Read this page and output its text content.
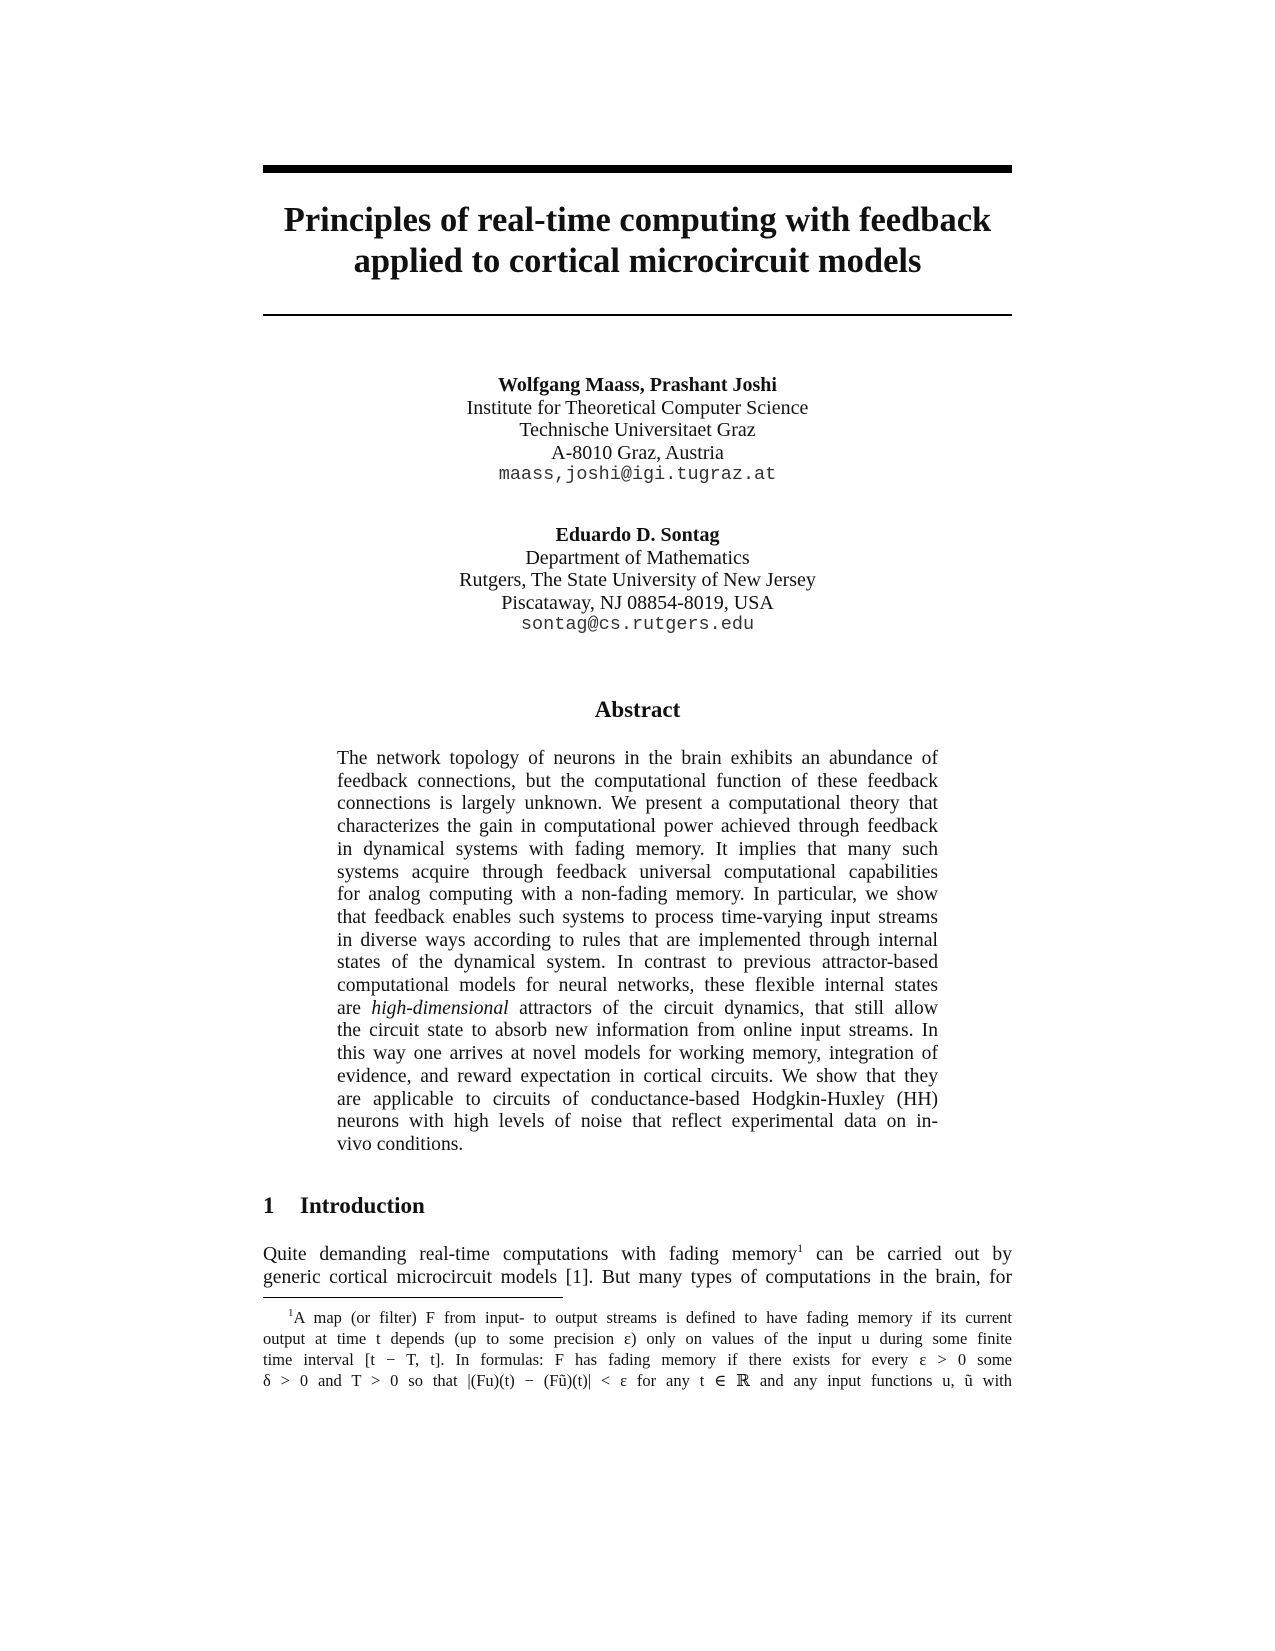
Principles of real-time computing with feedback
applied to cortical microcircuit models
Wolfgang Maass, Prashant Joshi
Institute for Theoretical Computer Science
Technische Universitaet Graz
A-8010 Graz, Austria
maass,joshi@igi.tugraz.at
Eduardo D. Sontag
Department of Mathematics
Rutgers, The State University of New Jersey
Piscataway, NJ 08854-8019, USA
sontag@cs.rutgers.edu
Abstract
The network topology of neurons in the brain exhibits an abundance of
feedback connections, but the computational function of these feedback
connections is largely unknown. We present a computational theory that
characterizes the gain in computational power achieved through feedback
in dynamical systems with fading memory. It implies that many such
systems acquire through feedback universal computational capabilities
for analog computing with a non-fading memory. In particular, we show
that feedback enables such systems to process time-varying input streams
in diverse ways according to rules that are implemented through internal
states of the dynamical system. In contrast to previous attractor-based
computational models for neural networks, these flexible internal states
are high-dimensional attractors of the circuit dynamics, that still allow
the circuit state to absorb new information from online input streams. In
this way one arrives at novel models for working memory, integration of
evidence, and reward expectation in cortical circuits. We show that they
are applicable to circuits of conductance-based Hodgkin-Huxley (HH)
neurons with high levels of noise that reflect experimental data on in-
vivo conditions.
1 Introduction
Quite demanding real-time computations with fading memory$^1$ can be carried out by
generic cortical microcircuit models [1]. But many types of computations in the brain, for
$^1$A map (or filter) F from input- to output streams is defined to have fading memory if its current
output at time t depends (up to some precision ε) only on values of the input u during some finite
time interval [t − T, t]. In formulas: F has fading memory if there exists for every ε > 0 some
δ > 0 and T > 0 so that |(Fu)(t) − (Fũ)(t)| < ε for any t ∈ ℝ and any input functions u, ũ with
